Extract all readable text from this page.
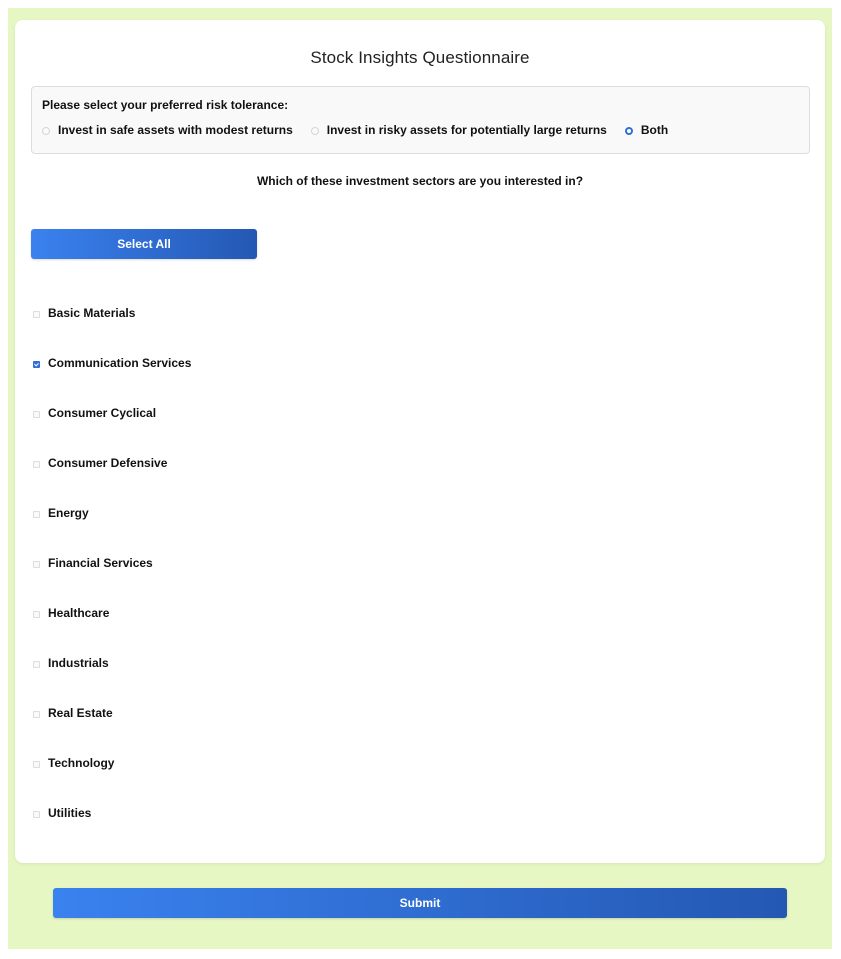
Stock Insights Questionnaire
Please select your preferred risk tolerance:
Invest in safe assets with modest returns	Invest in risky assets for potentially large returns	Both
Which of these investment sectors are you interested in?
Select All
Basic Materials
Communication Services
Consumer Cyclical
Consumer Defensive
Energy
Financial Services
Healthcare
Industrials
Real Estate
Technology
Utilities
Submit
